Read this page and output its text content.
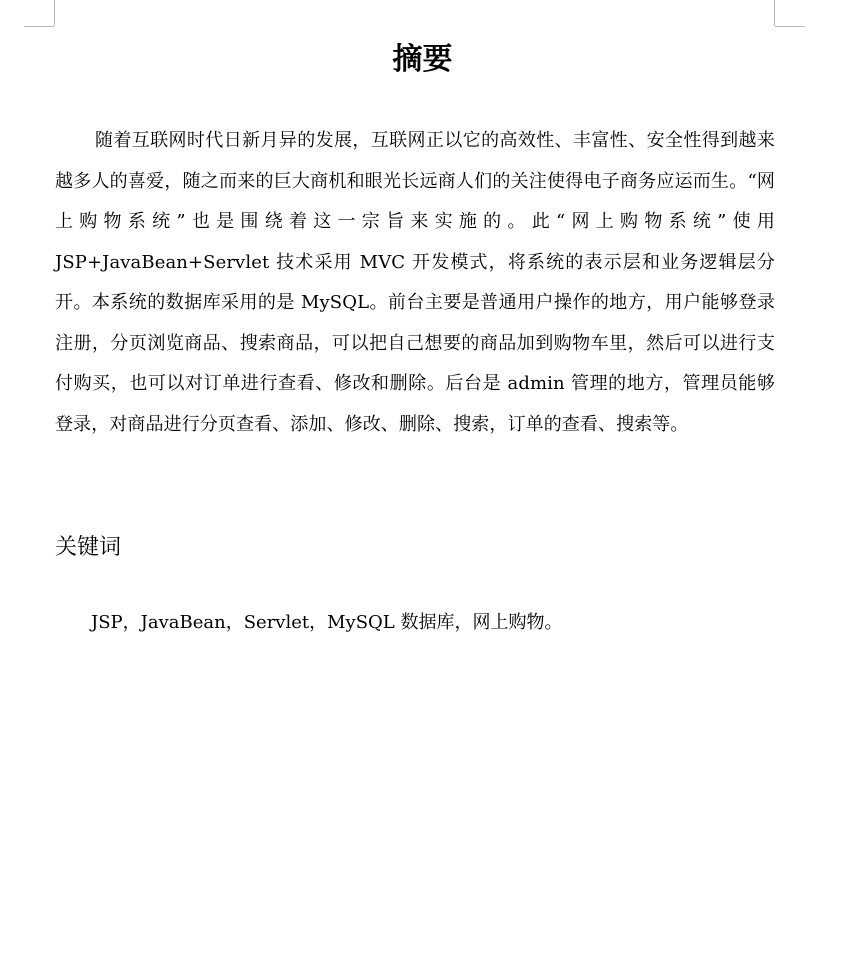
摘要

随着互联网时代日新月异的发展，互联网正以它的高效性、丰富性、安全性得到越来越多人的喜爱，随之而来的巨大商机和眼光长远商人们的关注使得电子商务应运而生。“网上购物系统”也是围绕着这一宗旨来实施的。此“网上购物系统”使用 JSP+JavaBean+Servlet 技术采用 MVC 开发模式，将系统的表示层和业务逻辑层分开。本系统的数据库采用的是 MySQL。前台主要是普通用户操作的地方，用户能够登录注册，分页浏览商品、搜索商品，可以把自己想要的商品加到购物车里，然后可以进行支付购买，也可以对订单进行查看、修改和删除。后台是 admin 管理的地方，管理员能够登录，对商品进行分页查看、添加、修改、删除、搜索，订单的查看、搜索等。

关键词
JSP，JavaBean，Servlet，MySQL 数据库，网上购物。
